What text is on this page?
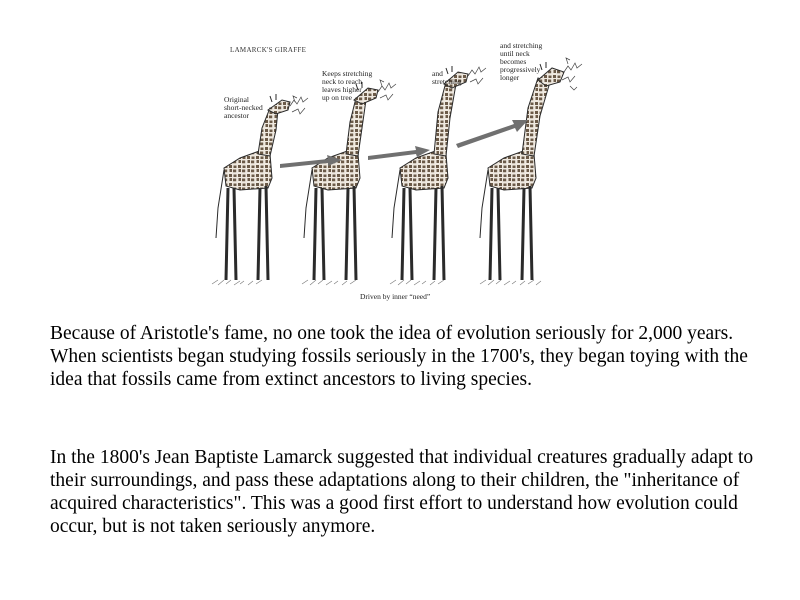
LAMARCK'S GIRAFFE
Original
short-necked
ancestor
Keeps stretching
neck to reach
leaves higher
up on tree
and
stretching
and stretching
until neck
becomes
progressively
longer
Driven by inner “need”

Because of Aristotle's fame, no one took the idea of evolution seriously for 2,000 years. When scientists began studying fossils seriously in the 1700's, they began toying with the idea that fossils came from extinct ancestors to living species.

In the 1800's Jean Baptiste Lamarck suggested that individual creatures gradually adapt to their surroundings, and pass these adaptations along to their children, the "inheritance of acquired characteristics". This was a good first effort to understand how evolution could occur, but is not taken seriously anymore.
